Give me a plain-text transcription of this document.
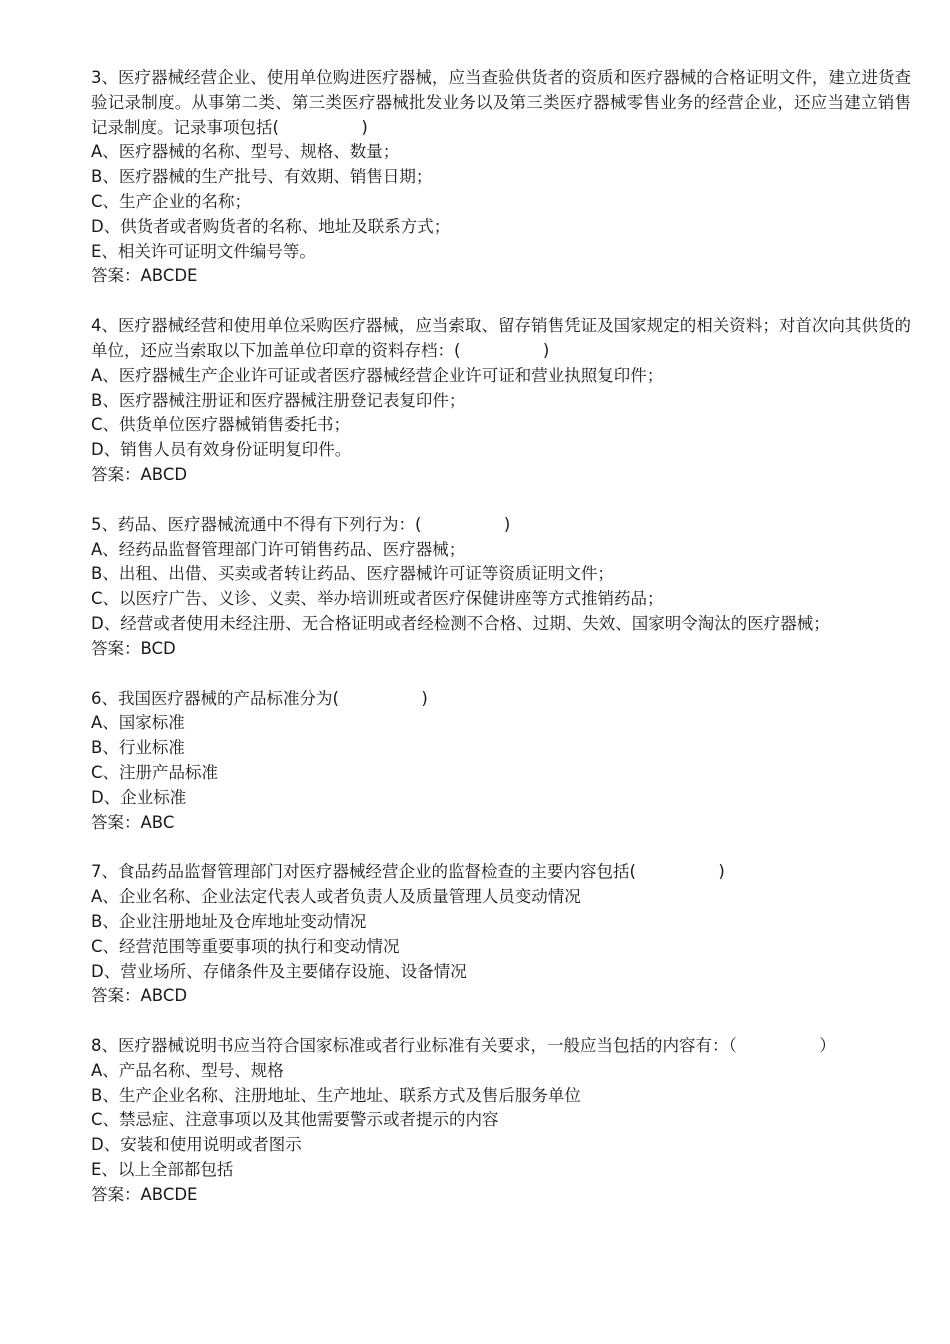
3、医疗器械经营企业、使用单位购进医疗器械，应当查验供货者的资质和医疗器械的合格证明文件，建立进货查验记录制度。从事第二类、第三类医疗器械批发业务以及第三类医疗器械零售业务的经营企业，还应当建立销售记录制度。记录事项包括(　　　　　)
A、医疗器械的名称、型号、规格、数量；
B、医疗器械的生产批号、有效期、销售日期；
C、生产企业的名称；
D、供货者或者购货者的名称、地址及联系方式；
E、相关许可证明文件编号等。
答案：ABCDE
4、医疗器械经营和使用单位采购医疗器械，应当索取、留存销售凭证及国家规定的相关资料；对首次向其供货的单位，还应当索取以下加盖单位印章的资料存档：(　　　　　)
A、医疗器械生产企业许可证或者医疗器械经营企业许可证和营业执照复印件；
B、医疗器械注册证和医疗器械注册登记表复印件；
C、供货单位医疗器械销售委托书；
D、销售人员有效身份证明复印件。
答案：ABCD
5、药品、医疗器械流通中不得有下列行为：(　　　　　)
A、经药品监督管理部门许可销售药品、医疗器械；
B、出租、出借、买卖或者转让药品、医疗器械许可证等资质证明文件；
C、以医疗广告、义诊、义卖、举办培训班或者医疗保健讲座等方式推销药品；
D、经营或者使用未经注册、无合格证明或者经检测不合格、过期、失效、国家明令淘汰的医疗器械；
答案：BCD
6、我国医疗器械的产品标准分为(　　　　　)
A、国家标准
B、行业标准
C、注册产品标准
D、企业标准
答案：ABC
7、食品药品监督管理部门对医疗器械经营企业的监督检查的主要内容包括(　　　　　)
A、企业名称、企业法定代表人或者负责人及质量管理人员变动情况
B、企业注册地址及仓库地址变动情况
C、经营范围等重要事项的执行和变动情况
D、营业场所、存储条件及主要储存设施、设备情况
答案：ABCD
8、医疗器械说明书应当符合国家标准或者行业标准有关要求，一般应当包括的内容有：（　　　　　）
A、产品名称、型号、规格
B、生产企业名称、注册地址、生产地址、联系方式及售后服务单位
C、禁忌症、注意事项以及其他需要警示或者提示的内容
D、安装和使用说明或者图示
E、以上全部都包括
答案：ABCDE
